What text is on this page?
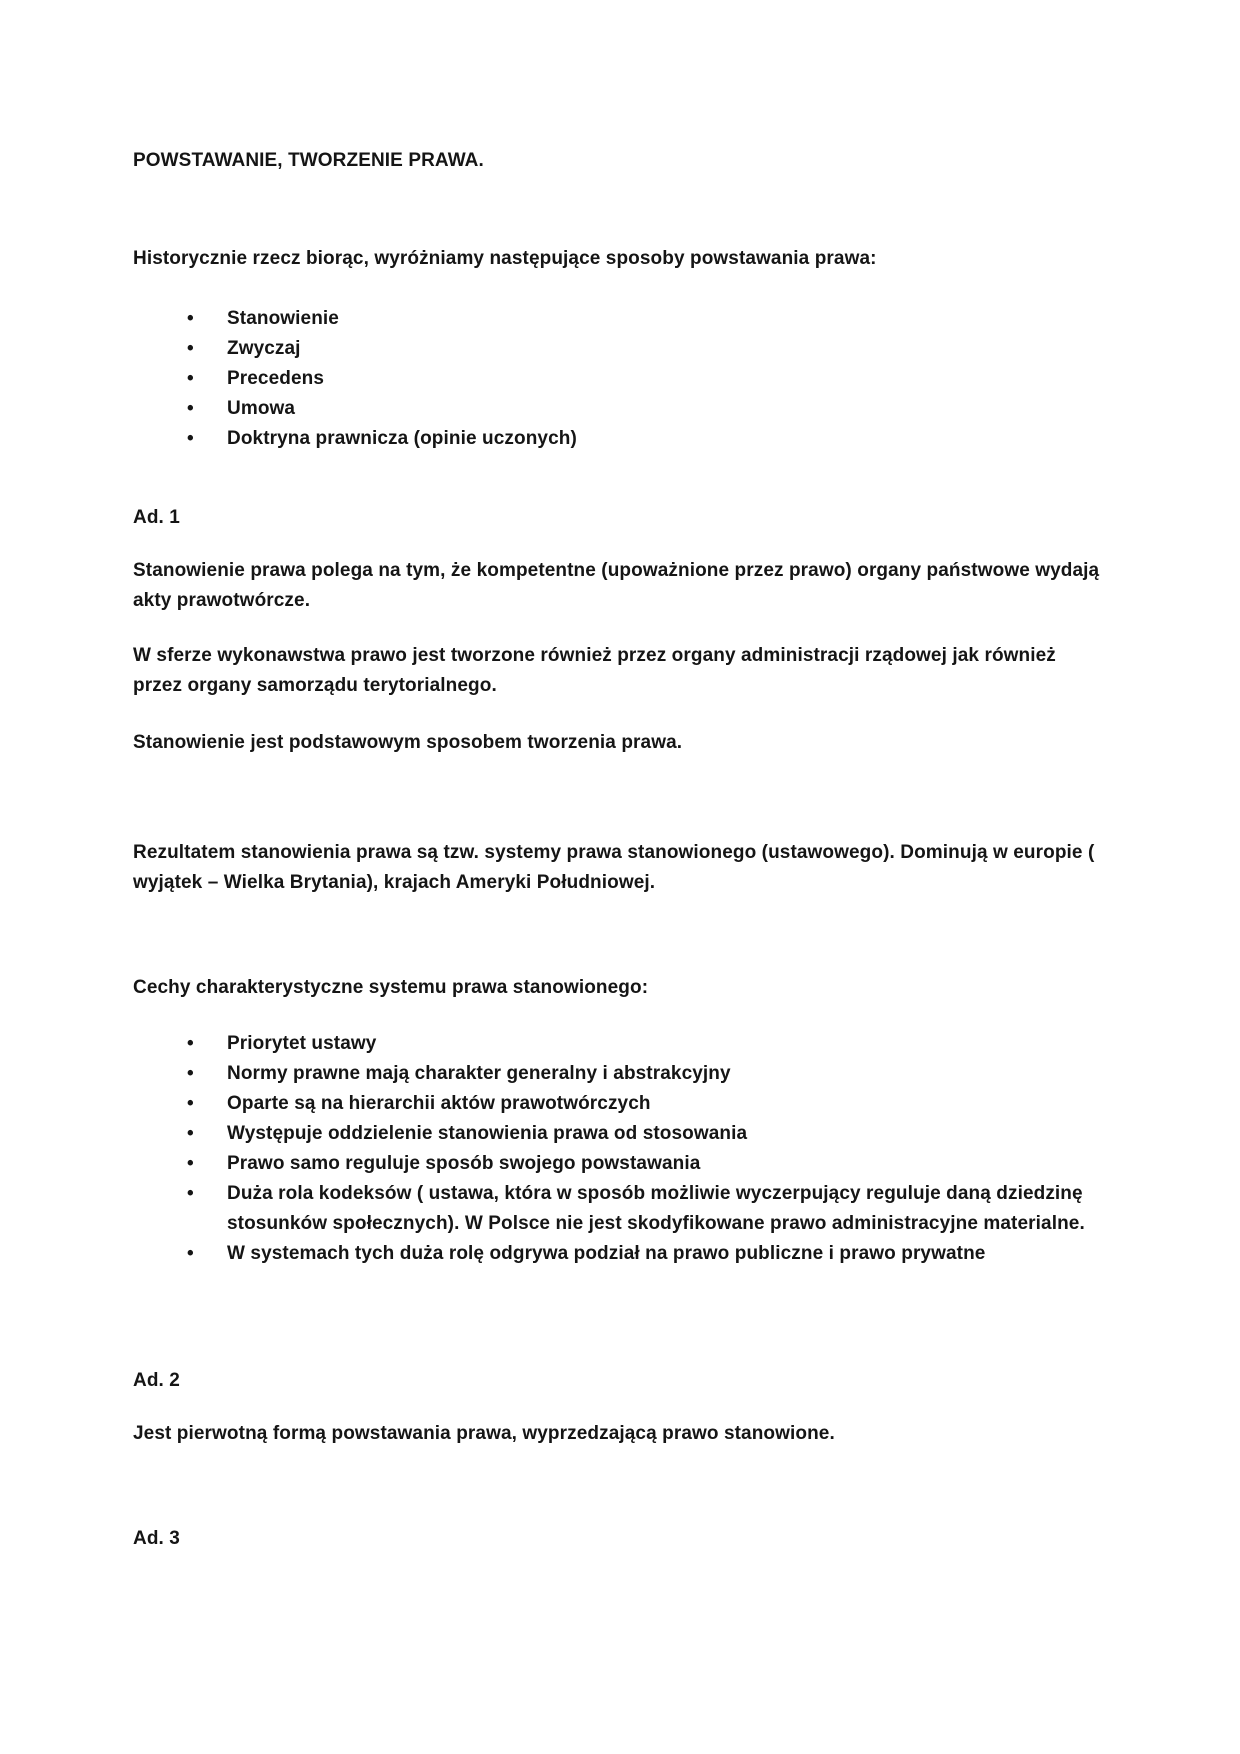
POWSTAWANIE, TWORZENIE PRAWA.

Historycznie rzecz biorąc, wyróżniamy następujące sposoby powstawania prawa:

• Stanowienie
• Zwyczaj
• Precedens
• Umowa
• Doktryna prawnicza (opinie uczonych)
Ad. 1

Stanowienie prawa polega na tym, że kompetentne (upoważnione przez prawo) organy państwowe wydają akty prawotwórcze.

W sferze wykonawstwa prawo jest tworzone również przez organy administracji rządowej jak również przez organy samorządu terytorialnego.

Stanowienie jest podstawowym sposobem tworzenia prawa.

Rezultatem stanowienia prawa są tzw. systemy prawa stanowionego (ustawowego). Dominują w europie ( wyjątek – Wielka Brytania), krajach Ameryki Południowej.

Cechy charakterystyczne systemu prawa stanowionego:

• Priorytet ustawy
• Normy prawne mają charakter generalny i abstrakcyjny
• Oparte są na hierarchii aktów prawotwórczych
• Występuje oddzielenie stanowienia prawa od stosowania
• Prawo samo reguluje sposób swojego powstawania
• Duża rola kodeksów ( ustawa, która w sposób możliwie wyczerpujący reguluje daną dziedzinę stosunków społecznych). W Polsce nie jest skodyfikowane prawo administracyjne materialne.
• W systemach tych duża rolę odgrywa podział na prawo publiczne i prawo prywatne
Ad. 2

Jest pierwotną formą powstawania prawa, wyprzedzającą prawo stanowione.

Ad. 3
